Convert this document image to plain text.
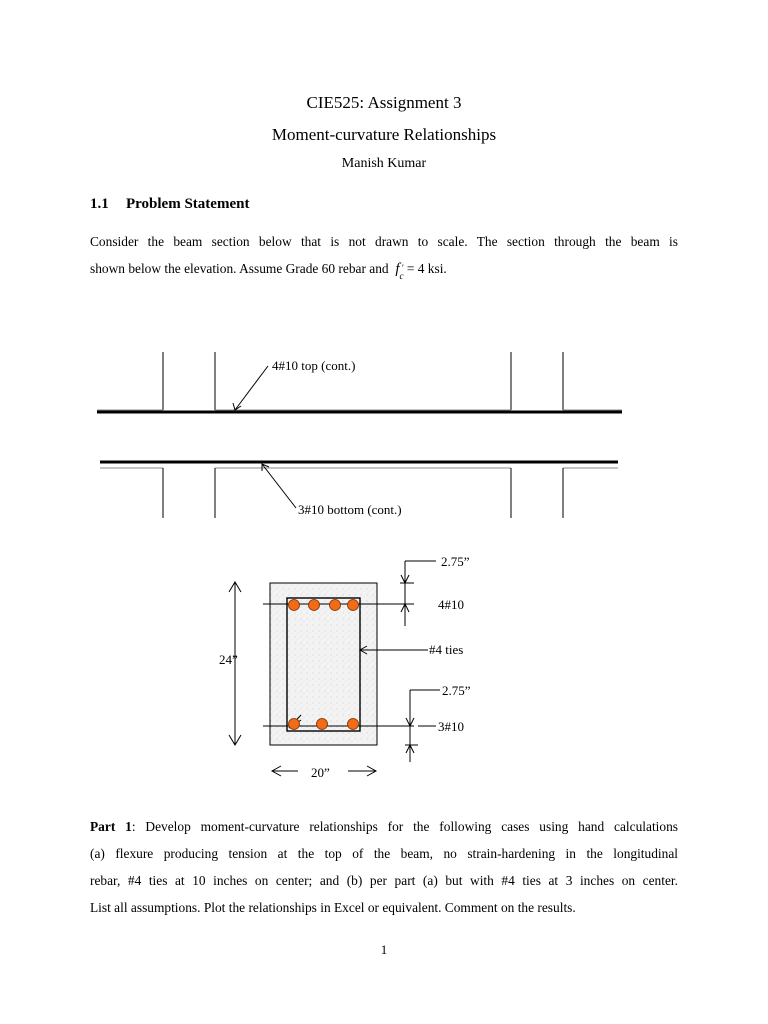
CIE525: Assignment 3
Moment-curvature Relationships
Manish Kumar
1.1 Problem Statement
Consider the beam section below that is not drawn to scale. The section through the beam is
shown below the elevation. Assume Grade 60 rebar and f '
$_c$ = 4 ksi.
4#10 top (cont.)
3#10 bottom (cont.)
24”
20”
2.75”
4#10
#4 ties
2.75”
3#10
Part 1: Develop moment-curvature relationships for the following cases using hand calculations
(a) flexure producing tension at the top of the beam, no strain-hardening in the longitudinal
rebar, #4 ties at 10 inches on center; and (b) per part (a) but with #4 ties at 3 inches on center.
List all assumptions. Plot the relationships in Excel or equivalent. Comment on the results.
1
